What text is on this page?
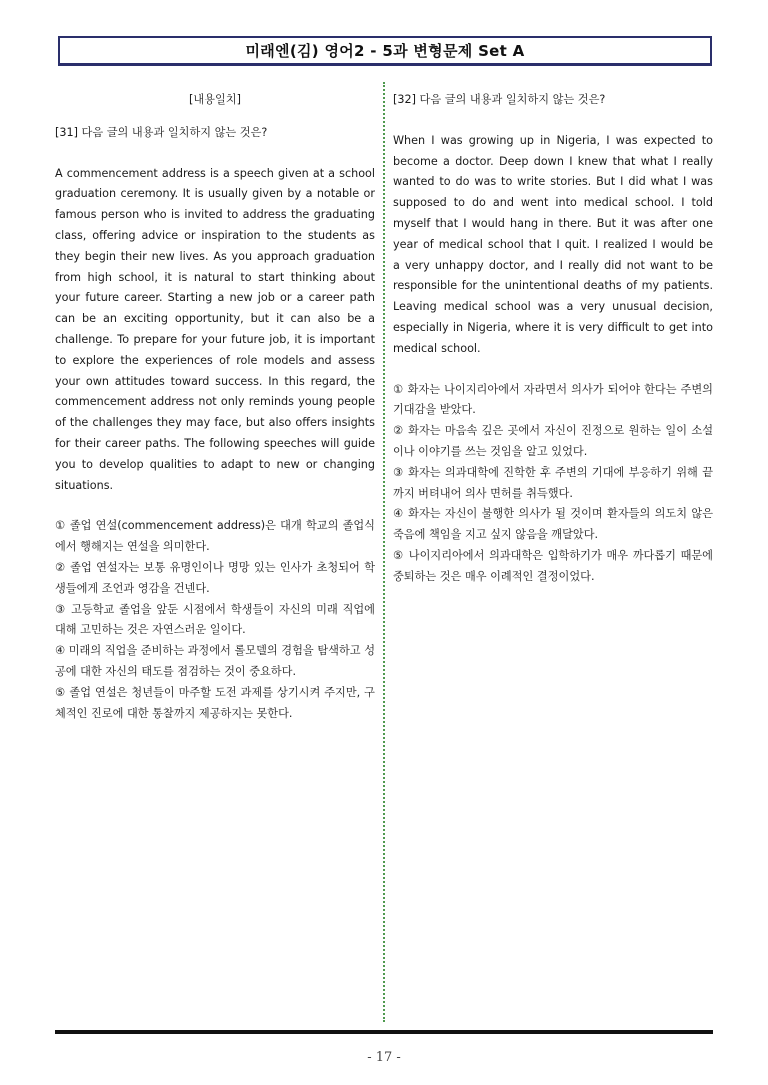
미래엔(김) 영어2 - 5과 변형문제 Set A
[내용일치]
[31] 다음 글의 내용과 일치하지 않는 것은?
A commencement address is a speech given at a school graduation ceremony. It is usually given by a notable or famous person who is invited to address the graduating class, offering advice or inspiration to the students as they begin their new lives. As you approach graduation from high school, it is natural to start thinking about your future career. Starting a new job or a career path can be an exciting opportunity, but it can also be a challenge. To prepare for your future job, it is important to explore the experiences of role models and assess your own attitudes toward success. In this regard, the commencement address not only reminds young people of the challenges they may face, but also offers insights for their career paths. The following speeches will guide you to develop qualities to adapt to new or changing situations.
① 졸업 연설(commencement address)은 대개 학교의 졸업식에서 행해지는 연설을 의미한다.
② 졸업 연설자는 보통 유명인이나 명망 있는 인사가 초청되어 학생들에게 조언과 영감을 건넨다.
③ 고등학교 졸업을 앞둔 시점에서 학생들이 자신의 미래 직업에 대해 고민하는 것은 자연스러운 일이다.
④ 미래의 직업을 준비하는 과정에서 롤모델의 경험을 탐색하고 성공에 대한 자신의 태도를 점검하는 것이 중요하다.
⑤ 졸업 연설은 청년들이 마주할 도전 과제를 상기시켜 주지만, 구체적인 진로에 대한 통찰까지 제공하지는 못한다.
[32] 다음 글의 내용과 일치하지 않는 것은?
When I was growing up in Nigeria, I was expected to become a doctor. Deep down I knew that what I really wanted to do was to write stories. But I did what I was supposed to do and went into medical school. I told myself that I would hang in there. But it was after one year of medical school that I quit. I realized I would be a very unhappy doctor, and I really did not want to be responsible for the unintentional deaths of my patients. Leaving medical school was a very unusual decision, especially in Nigeria, where it is very difficult to get into medical school.
① 화자는 나이지리아에서 자라면서 의사가 되어야 한다는 주변의 기대감을 받았다.
② 화자는 마음속 깊은 곳에서 자신이 진정으로 원하는 일이 소설이나 이야기를 쓰는 것임을 알고 있었다.
③ 화자는 의과대학에 진학한 후 주변의 기대에 부응하기 위해 끝까지 버텨내어 의사 면허를 취득했다.
④ 화자는 자신이 불행한 의사가 될 것이며 환자들의 의도치 않은 죽음에 책임을 지고 싶지 않음을 깨달았다.
⑤ 나이지리아에서 의과대학은 입학하기가 매우 까다롭기 때문에 중퇴하는 것은 매우 이례적인 결정이었다.
- 17 -
